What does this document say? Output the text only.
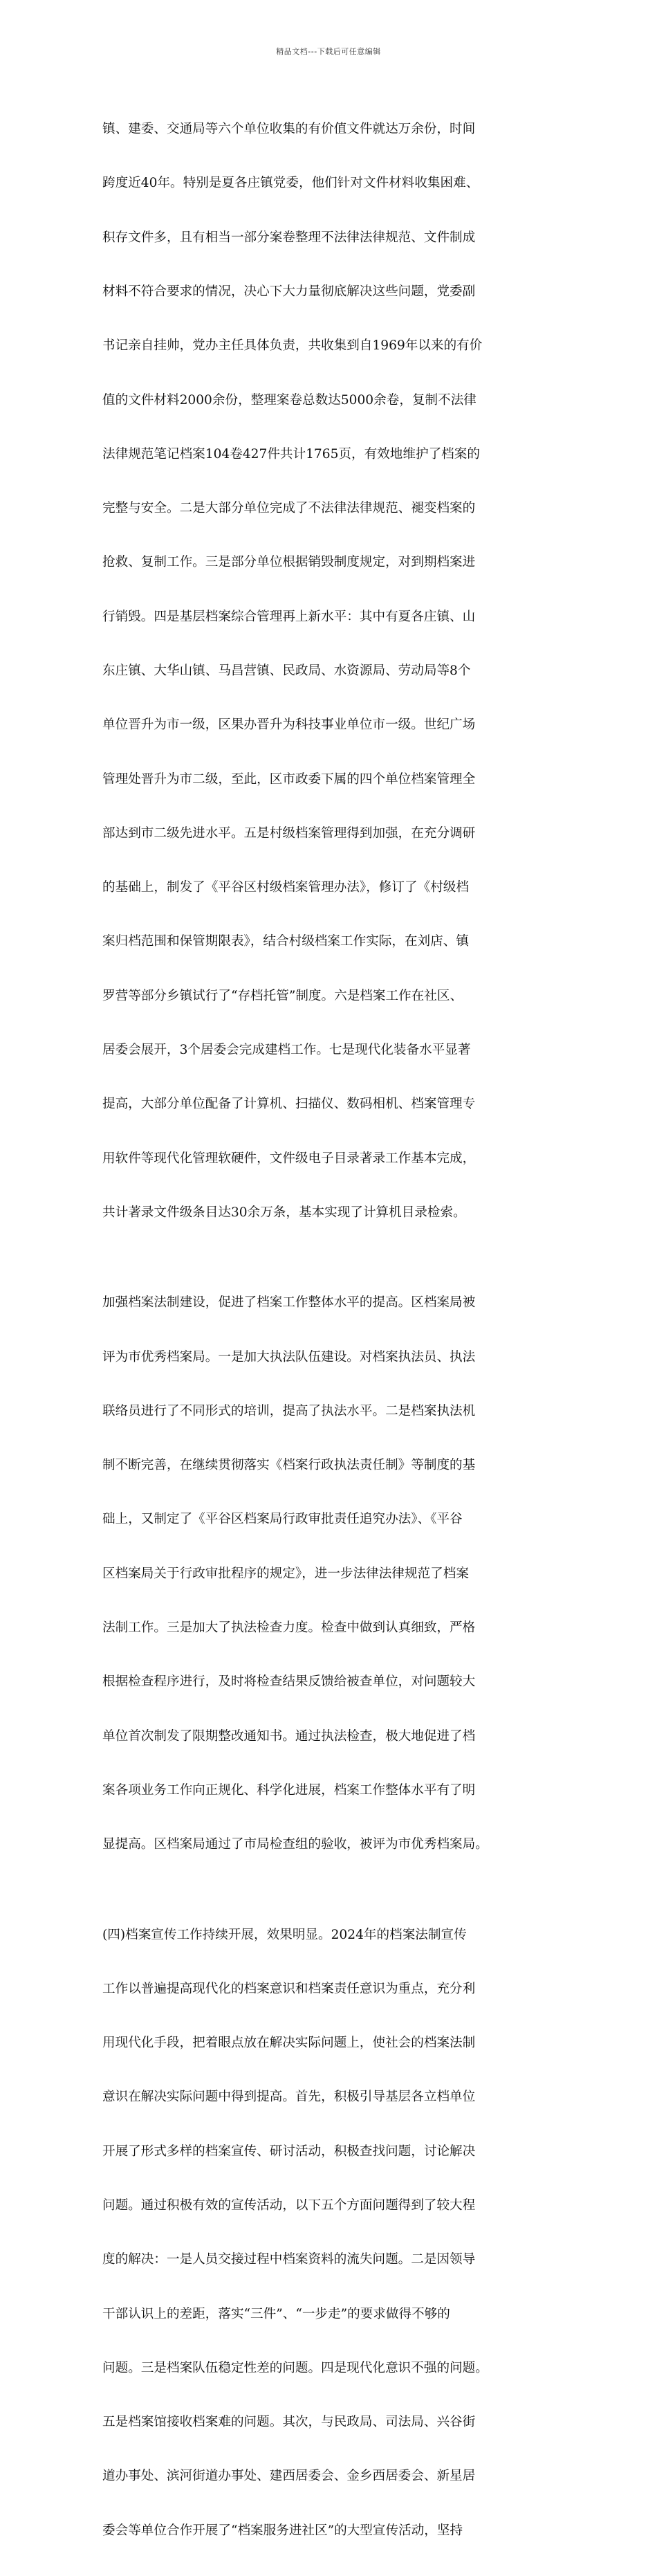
精品文档---下载后可任意编辑

镇、建委、交通局等六个单位收集的有价值文件就达万余份，时间

跨度近40年。特别是夏各庄镇党委，他们针对文件材料收集困难、

积存文件多，且有相当一部分案卷整理不法律法律规范、文件制成

材料不符合要求的情况，决心下大力量彻底解决这些问题，党委副

书记亲自挂帅，党办主任具体负责，共收集到自1969年以来的有价

值的文件材料2000余份，整理案卷总数达5000余卷，复制不法律

法律规范笔记档案104卷427件共计1765页，有效地维护了档案的

完整与安全。二是大部分单位完成了不法律法律规范、褪变档案的

抢救、复制工作。三是部分单位根据销毁制度规定，对到期档案进

行销毁。四是基层档案综合管理再上新水平：其中有夏各庄镇、山

东庄镇、大华山镇、马昌营镇、民政局、水资源局、劳动局等8个

单位晋升为市一级，区果办晋升为科技事业单位市一级。世纪广场

管理处晋升为市二级，至此，区市政委下属的四个单位档案管理全

部达到市二级先进水平。五是村级档案管理得到加强，在充分调研

的基础上，制发了《平谷区村级档案管理办法》，修订了《村级档

案归档范围和保管期限表》，结合村级档案工作实际，在刘店、镇

罗营等部分乡镇试行了“存档托管”制度。六是档案工作在社区、

居委会展开，3个居委会完成建档工作。七是现代化装备水平显著

提高，大部分单位配备了计算机、扫描仪、数码相机、档案管理专

用软件等现代化管理软硬件，文件级电子目录著录工作基本完成，

共计著录文件级条目达30余万条，基本实现了计算机目录检索。

加强档案法制建设，促进了档案工作整体水平的提高。区档案局被

评为市优秀档案局。一是加大执法队伍建设。对档案执法员、执法

联络员进行了不同形式的培训，提高了执法水平。二是档案执法机

制不断完善，在继续贯彻落实《档案行政执法责任制》等制度的基

础上，又制定了《平谷区档案局行政审批责任追究办法》、《平谷

区档案局关于行政审批程序的规定》，进一步法律法律规范了档案

法制工作。三是加大了执法检查力度。检查中做到认真细致，严格

根据检查程序进行，及时将检查结果反馈给被查单位，对问题较大

单位首次制发了限期整改通知书。通过执法检查，极大地促进了档

案各项业务工作向正规化、科学化进展，档案工作整体水平有了明

显提高。区档案局通过了市局检查组的验收，被评为市优秀档案局。

(四)档案宣传工作持续开展，效果明显。2024年的档案法制宣传

工作以普遍提高现代化的档案意识和档案责任意识为重点，充分利

用现代化手段，把着眼点放在解决实际问题上，使社会的档案法制

意识在解决实际问题中得到提高。首先，积极引导基层各立档单位

开展了形式多样的档案宣传、研讨活动，积极查找问题，讨论解决

问题。通过积极有效的宣传活动，以下五个方面问题得到了较大程

度的解决：一是人员交接过程中档案资料的流失问题。二是因领导

干部认识上的差距，落实“三件”、“一步走”的要求做得不够的

问题。三是档案队伍稳定性差的问题。四是现代化意识不强的问题。

五是档案馆接收档案难的问题。其次，与民政局、司法局、兴谷街

道办事处、滨河街道办事处、建西居委会、金乡西居委会、新星居

委会等单位合作开展了“档案服务进社区”的大型宣传活动，坚持
